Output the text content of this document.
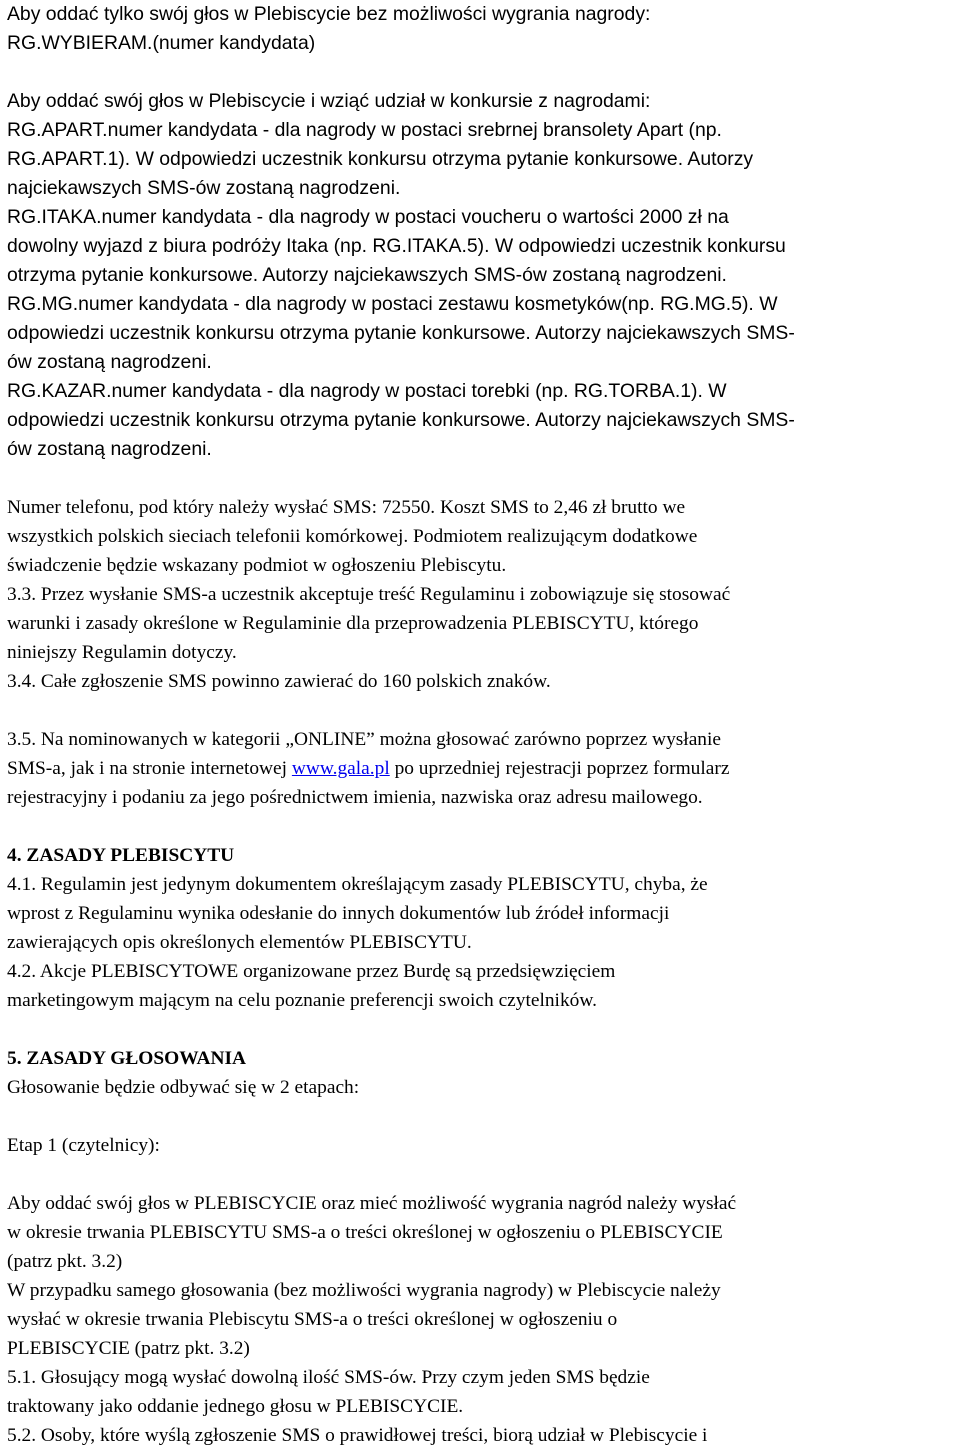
Aby oddać tylko swój głos w Plebiscycie bez możliwości wygrania nagrody:

RG.WYBIERAM.(numer kandydata)

Aby oddać swój głos w Plebiscycie i wziąć udział w konkursie z nagrodami:

RG.APART.numer kandydata - dla nagrody w postaci srebrnej bransolety Apart (np.

RG.APART.1). W odpowiedzi uczestnik konkursu otrzyma pytanie konkursowe. Autorzy

najciekawszych SMS-ów zostaną nagrodzeni.

RG.ITAKA.numer kandydata - dla nagrody w postaci voucheru o wartości 2000 zł na

dowolny wyjazd z biura podróży Itaka (np. RG.ITAKA.5). W odpowiedzi uczestnik konkursu

otrzyma pytanie konkursowe. Autorzy najciekawszych SMS-ów zostaną nagrodzeni.

RG.MG.numer kandydata - dla nagrody w postaci zestawu kosmetyków(np. RG.MG.5). W

odpowiedzi uczestnik konkursu otrzyma pytanie konkursowe. Autorzy najciekawszych SMS-

ów zostaną nagrodzeni.

RG.KAZAR.numer kandydata - dla nagrody w postaci torebki (np. RG.TORBA.1). W

odpowiedzi uczestnik konkursu otrzyma pytanie konkursowe. Autorzy najciekawszych SMS-

ów zostaną nagrodzeni.

Numer telefonu, pod który należy wysłać SMS: 72550. Koszt SMS to 2,46 zł brutto we

wszystkich polskich sieciach telefonii komórkowej. Podmiotem realizującym dodatkowe

świadczenie będzie wskazany podmiot w ogłoszeniu Plebiscytu.

3.3. Przez wysłanie SMS-a uczestnik akceptuje treść Regulaminu i zobowiązuje się stosować

warunki i zasady określone w Regulaminie dla przeprowadzenia PLEBISCYTU, którego

niniejszy Regulamin dotyczy.

3.4. Całe zgłoszenie SMS powinno zawierać do 160 polskich znaków.

3.5. Na nominowanych w kategorii „ONLINE” można głosować zarówno poprzez wysłanie

SMS-a, jak i na stronie internetowej www.gala.pl po uprzedniej rejestracji poprzez formularz

rejestracyjny i podaniu za jego pośrednictwem imienia, nazwiska oraz adresu mailowego.

4. ZASADY PLEBISCYTU

4.1. Regulamin jest jedynym dokumentem określającym zasady PLEBISCYTU, chyba, że

wprost z Regulaminu wynika odesłanie do innych dokumentów lub źródeł informacji

zawierających opis określonych elementów PLEBISCYTU.

4.2. Akcje PLEBISCYTOWE organizowane przez Burdę są przedsięwzięciem

marketingowym mającym na celu poznanie preferencji swoich czytelników.

5. ZASADY GŁOSOWANIA

Głosowanie będzie odbywać się w 2 etapach:

Etap 1 (czytelnicy):

Aby oddać swój głos w PLEBISCYCIE oraz mieć możliwość wygrania nagród należy wysłać

w okresie trwania PLEBISCYTU SMS-a o treści określonej w ogłoszeniu o PLEBISCYCIE

(patrz pkt. 3.2)

W przypadku samego głosowania (bez możliwości wygrania nagrody) w Plebiscycie należy

wysłać w okresie trwania Plebiscytu SMS-a o treści określonej w ogłoszeniu o

PLEBISCYCIE (patrz pkt. 3.2)

5.1. Głosujący mogą wysłać dowolną ilość SMS-ów. Przy czym jeden SMS będzie

traktowany jako oddanie jednego głosu w PLEBISCYCIE.

5.2. Osoby, które wyślą zgłoszenie SMS o prawidłowej treści, biorą udział w Plebiscycie i
